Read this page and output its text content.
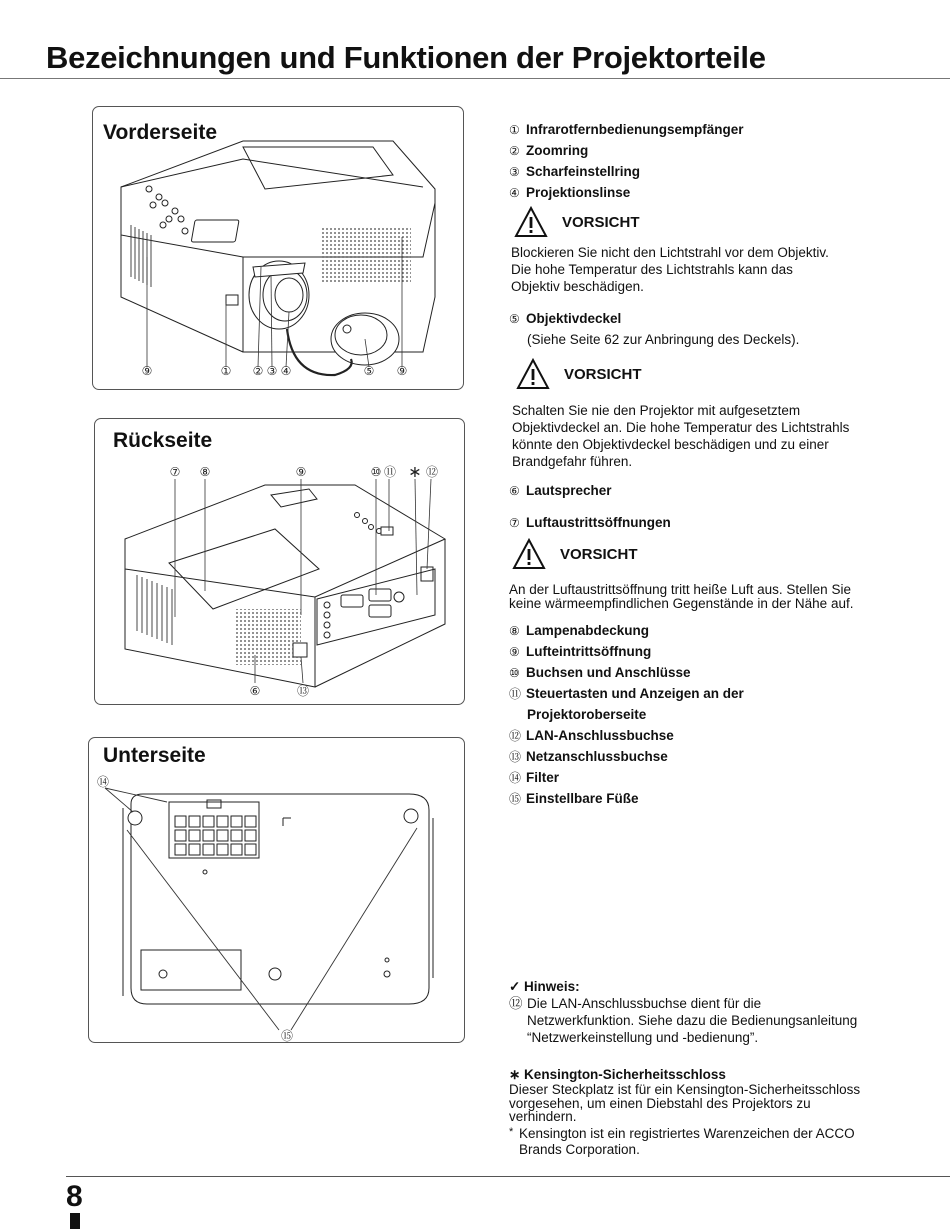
Bezeichnungen und Funktionen der Projektorteile
Vorderseite
⑨	① ② ③ ④	⑤ ⑨
Rückseite
⑦ ⑧	⑨	⑩ ⑪ ∗ ⑫
⑥	⑬
Unterseite
⑭
⑮
① Infrarotfernbedienungsempfänger
② Zoomring
③ Scharfeinstellring
④ Projektionslinse
VORSICHT
Blockieren Sie nicht den Lichtstrahl vor dem Objektiv.
Die hohe Temperatur des Lichtstrahls kann das
Objektiv beschädigen.
⑤ Objektivdeckel
(Siehe Seite 62 zur Anbringung des Deckels).
VORSICHT
Schalten Sie nie den Projektor mit aufgesetztem
Objektivdeckel an. Die hohe Temperatur des Lichtstrahls
könnte den Objektivdeckel beschädigen und zu einer
Brandgefahr führen.
⑥ Lautsprecher
⑦ Luftaustrittsöffnungen
VORSICHT
An der Luftaustrittsöffnung tritt heiße Luft aus. Stellen Sie
keine wärmeempfindlichen Gegenstände in der Nähe auf.
⑧ Lampenabdeckung
⑨ Lufteintrittsöffnung
⑩ Buchsen und Anschlüsse
⑪ Steuertasten und Anzeigen an der
Projektoroberseite
⑫ LAN-Anschlussbuchse
⑬ Netzanschlussbuchse
⑭ Filter
⑮ Einstellbare Füße
✓ Hinweis:
⑫ Die LAN-Anschlussbuchse dient für die
Netzwerkfunktion. Siehe dazu die Bedienungsanleitung
“Netzwerkeinstellung und -bedienung”.
∗ Kensington-Sicherheitsschloss
Dieser Steckplatz ist für ein Kensington-Sicherheitsschloss
vorgesehen, um einen Diebstahl des Projektors zu
verhindern.
* Kensington ist ein registriertes Warenzeichen der ACCO
Brands Corporation.
8
